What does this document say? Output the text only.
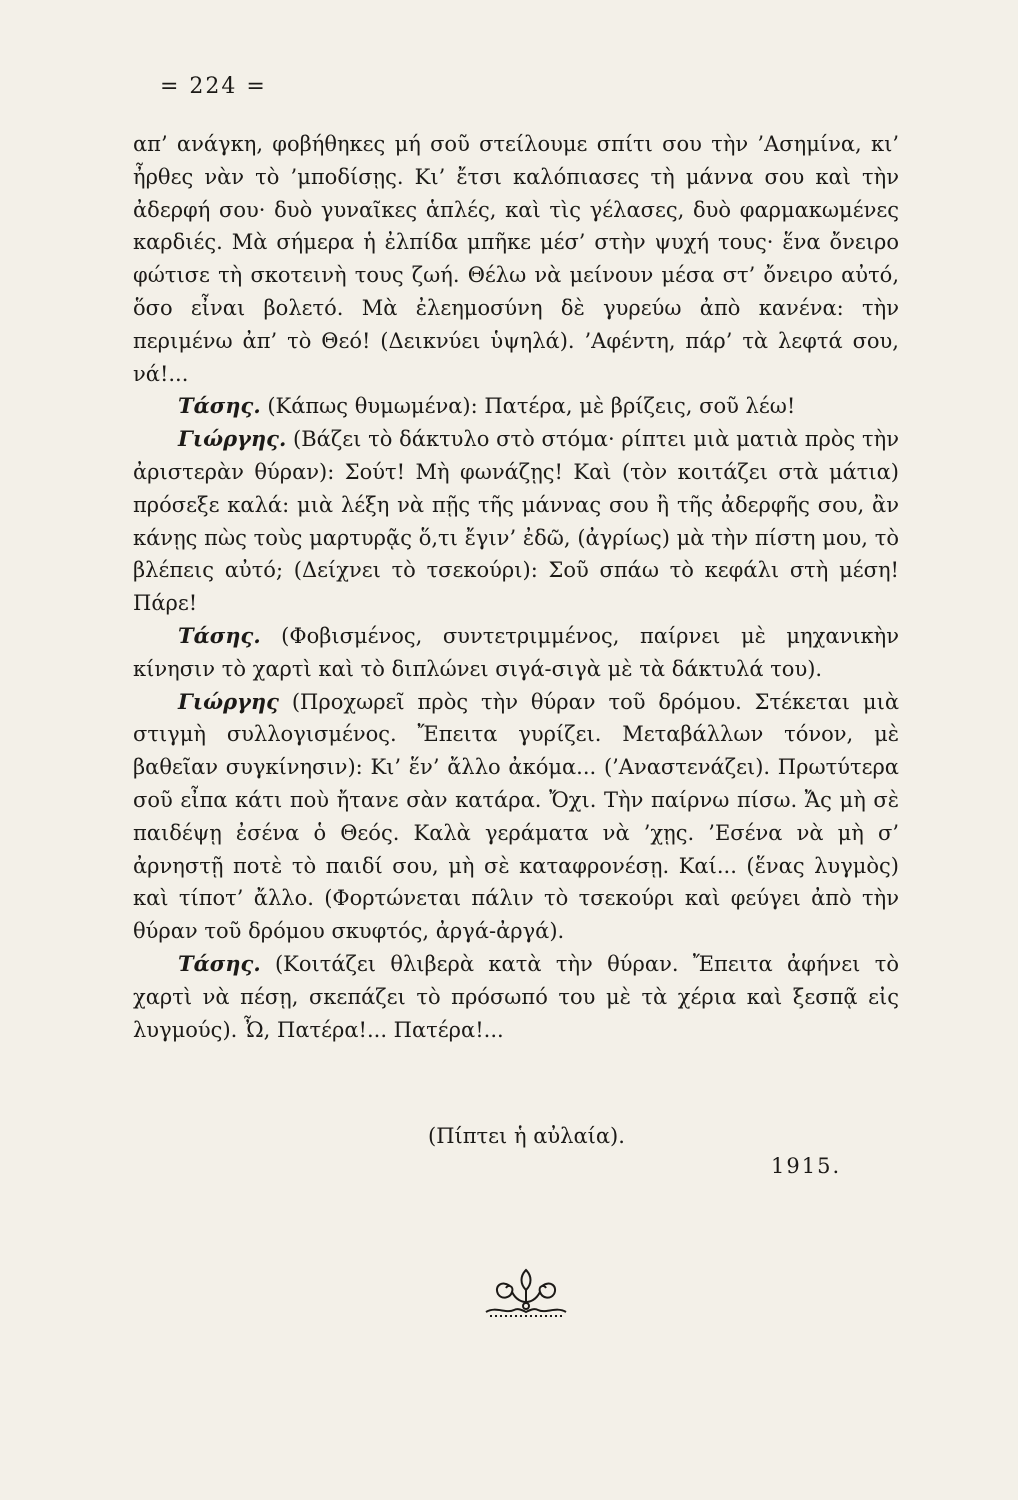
= 224 =

απ’ ανάγκη, φοβήθηκες μή σοῦ στείλουμε σπίτι σου τὴν ’Ασημίνα, κι’ ἦρθες νὰν τὸ ’μποδίσῃς. Κι’ ἔτσι καλόπιασες τὴ μάννα σου καὶ τὴν ἀδερφή σου· δυὸ γυναῖκες ἁπλές, καὶ τὶς γέλασες, δυὸ φαρμακωμένες καρδιές. Μὰ σήμερα ἡ ἐλπίδα μπῆκε μέσ’ στὴν ψυχή τους· ἕνα ὄνειρο φώτισε τὴ σκοτεινὴ τους ζωή. Θέλω νὰ μείνουν μέσα στ’ ὄνειρο αὐτό, ὅσο εἶναι βολετό. Μὰ ἐλεημοσύνη δὲ γυρεύω ἀπὸ κανένα: τὴν περιμένω ἀπ’ τὸ Θεό! (Δεικνύει ὑψηλά). ’Αφέντη, πάρ’ τὰ λεφτά σου, νά!...

Τάσης. (Κάπως θυμωμένα): Πατέρα, μὲ βρίζεις, σοῦ λέω!

Γιώργης. (Βάζει τὸ δάκτυλο στὸ στόμα· ρίπτει μιὰ ματιὰ πρὸς τὴν ἀριστερὰν θύραν): Σούτ! Μὴ φωνάζῃς! Καὶ (τὸν κοιτάζει στὰ μάτια) πρόσεξε καλά: μιὰ λέξη νὰ πῇς τῆς μάννας σου ἢ τῆς ἀδερφῆς σου, ἂν κάνῃς πὼς τοὺς μαρτυρᾷς ὅ,τι ἔγιν’ ἐδῶ, (ἀγρίως) μὰ τὴν πίστη μου, τὸ βλέπεις αὐτό; (Δείχνει τὸ τσεκούρι): Σοῦ σπάω τὸ κεφάλι στὴ μέση! Πάρε!

Τάσης. (Φοβισμένος, συντετριμμένος, παίρνει μὲ μηχανικὴν κίνησιν τὸ χαρτὶ καὶ τὸ διπλώνει σιγά-σιγὰ μὲ τὰ δάκτυλά του).

Γιώργης (Προχωρεῖ πρὸς τὴν θύραν τοῦ δρόμου. Στέκεται μιὰ στιγμὴ συλλογισμένος. Ἔπειτα γυρίζει. Μεταβάλλων τόνον, μὲ βαθεῖαν συγκίνησιν): Κι’ ἕν’ ἄλλο ἀκόμα... (’Αναστενάζει). Πρωτύτερα σοῦ εἶπα κάτι ποὺ ἤτανε σὰν κατάρα. Ὄχι. Τὴν παίρνω πίσω. Ἄς μὴ σὲ παιδέψῃ ἐσένα ὁ Θεός. Καλὰ γεράματα νὰ ’χῃς. ’Εσένα νὰ μὴ σ’ ἀρνηστῇ ποτὲ τὸ παιδί σου, μὴ σὲ καταφρονέσῃ. Καί... (ἕνας λυγμὸς) καὶ τίποτ’ ἄλλο. (Φορτώνεται πάλιν τὸ τσεκούρι καὶ φεύγει ἀπὸ τὴν θύραν τοῦ δρόμου σκυφτός, ἀργά-ἀργά).

Τάσης. (Κοιτάζει θλιβερὰ κατὰ τὴν θύραν. Ἔπειτα ἀφήνει τὸ χαρτὶ νὰ πέσῃ, σκεπάζει τὸ πρόσωπό του μὲ τὰ χέρια καὶ ξεσπᾷ εἰς λυγμούς). Ὦ, Πατέρα!... Πατέρα!...

(Πίπτει ἡ αὐλαία).
1915.
